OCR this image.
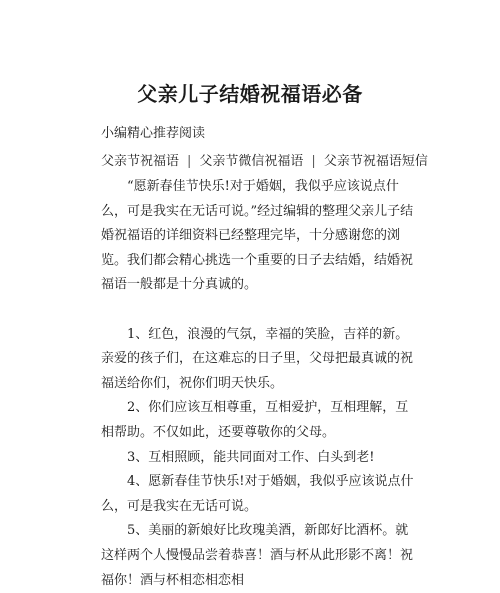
父亲儿子结婚祝福语必备
小编精心推荐阅读
父亲节祝福语 | 父亲节微信祝福语 | 父亲节祝福语短信

“愿新春佳节快乐!对于婚姻，我似乎应该说点什么，可是我实在无话可说。”经过编辑的整理父亲儿子结婚祝福语的详细资料已经整理完毕，十分感谢您的浏览。我们都会精心挑选一个重要的日子去结婚，结婚祝福语一般都是十分真诚的。

1、红色，浪漫的气氛，幸福的笑脸，吉祥的新。亲爱的孩子们，在这难忘的日子里，父母把最真诚的祝福送给你们，祝你们明天快乐。

2、你们应该互相尊重，互相爱护，互相理解，互相帮助。不仅如此，还要尊敬你的父母。

3、互相照顾，能共同面对工作、白头到老!

4、愿新春佳节快乐!对于婚姻，我似乎应该说点什么，可是我实在无话可说。

5、美丽的新娘好比玫瑰美酒，新郎好比酒杯。就这样两个人慢慢品尝着恭喜！酒与杯从此形影不离！祝福你！酒与杯相恋相恋相
